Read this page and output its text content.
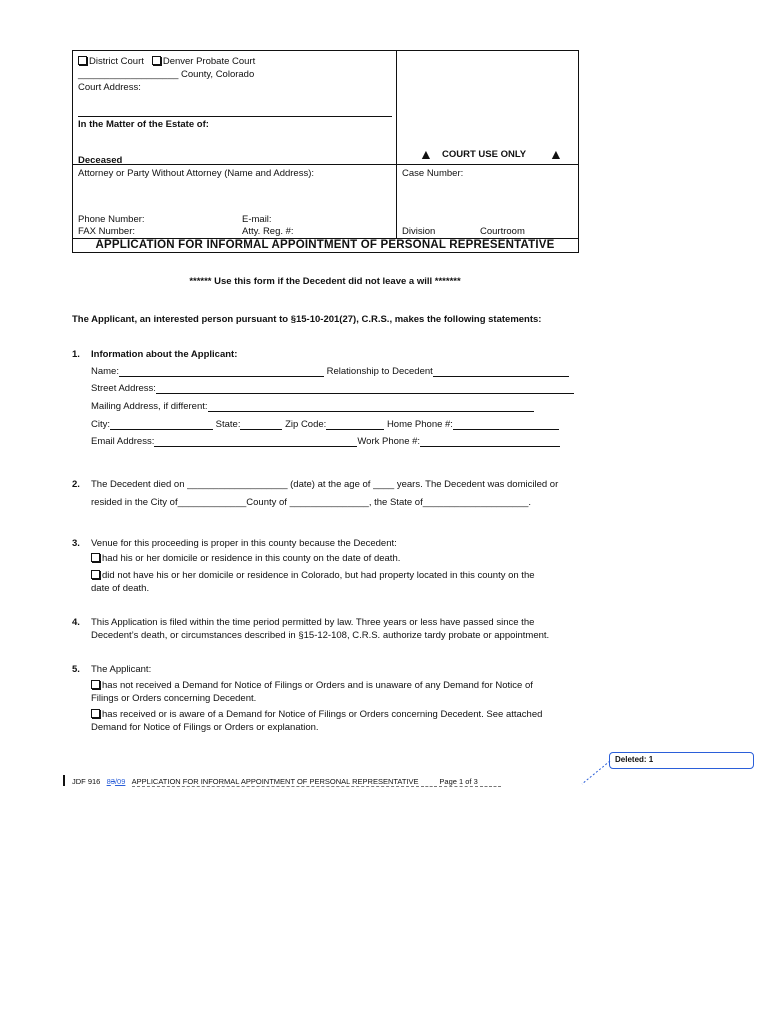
District Court Denver Probate Court
___________________ County, Colorado
Court Address:
In the Matter of the Estate of:
Deceased	▲ COURT USE ONLY ▲
Attorney or Party Without Attorney (Name and Address):
Phone Number:	E-mail:
FAX Number:	Atty. Reg. #:
Case Number:
Division	Courtroom
APPLICATION FOR INFORMAL APPOINTMENT OF PERSONAL REPRESENTATIVE
****** Use this form if the Decedent did not leave a will *******
The Applicant, an interested person pursuant to §15-10-201(27), C.R.S., makes the following statements:
1. Information about the Applicant:
Name:	Relationship to Decedent
Street Address:
Mailing Address, if different:
City:	State:	Zip Code:	Home Phone #:
Email Address:	Work Phone #:
2. The Decedent died on ___________________ (date) at the age of ____ years. The Decedent was domiciled or
resided in the City of_____________County of _______________, the State of____________________.
3. Venue for this proceeding is proper in this county because the Decedent:
had his or her domicile or residence in this county on the date of death.
did not have his or her domicile or residence in Colorado, but had property located in this county on the
date of death.
4. This Application is filed within the time period permitted by law. Three years or less have passed since the
Decedent’s death, or circumstances described in §15-12-108, C.R.S. authorize tardy probate or appointment.
5. The Applicant:
has not received a Demand for Notice of Filings or Orders and is unaware of any Demand for Notice of
Filings or Orders concerning Decedent.
has received or is aware of a Demand for Notice of Filings or Orders concerning Decedent. See attached
Demand for Notice of Filings or Orders or explanation.
Deleted: 1
JDF 916 83/09 APPLICATION FOR INFORMAL APPOINTMENT OF PERSONAL REPRESENTATIVE	Page 1 of 3
